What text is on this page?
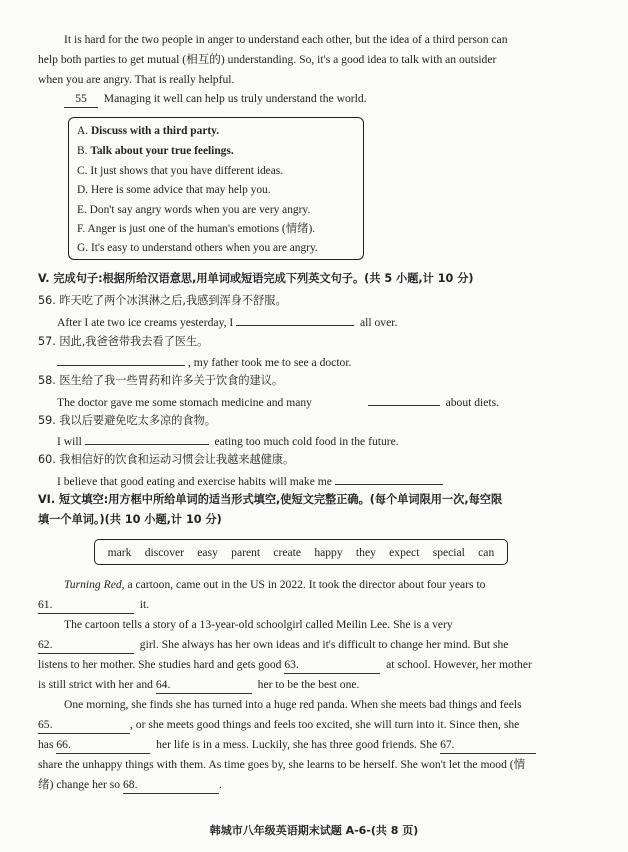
It is hard for the two people in anger to understand each other, but the idea of a third person can
help both parties to get mutual (相互的) understanding. So, it's a good idea to talk with an outsider
when you are angry. That is really helpful.
55 Managing it well can help us truly understand the world.
A. Discuss with a third party.
B. Talk about your true feelings.
C. It just shows that you have different ideas.
D. Here is some advice that may help you.
E. Don't say angry words when you are very angry.
F. Anger is just one of the human's emotions (情绪).
G. It's easy to understand others when you are angry.
V. 完成句子:根据所给汉语意思,用单词或短语完成下列英文句子。(共 5 小题,计 10 分)
56. 昨天吃了两个冰淇淋之后,我感到浑身不舒服。
After I ate two ice creams yesterday, I	all over.
57. 因此,我爸爸带我去看了医生。
, my father took me to see a doctor.
58. 医生给了我一些胃药和许多关于饮食的建议。
The doctor gave me some stomach medicine and many	about diets.
59. 我以后要避免吃太多凉的食物。
I will	eating too much cold food in the future.
60. 我相信好的饮食和运动习惯会让我越来越健康。
I believe that good eating and exercise habits will make me
VI. 短文填空:用方框中所给单词的适当形式填空,使短文完整正确。(每个单词限用一次,每空限
填一个单词。)(共 10 小题,计 10 分)
mark discover easy parent create happy they expect special can
Turning Red, a cartoon, came out in the US in 2022. It took the director about four years to
61.	it.
The cartoon tells a story of a 13-year-old schoolgirl called Meilin Lee. She is a very
62.	girl. She always has her own ideas and it's difficult to change her mind. But she
listens to her mother. She studies hard and gets good 63.	at school. However, her mother
is still strict with her and 64.	her to be the best one.
One morning, she finds she has turned into a huge red panda. When she meets bad things and feels
65.	, or she meets good things and feels too excited, she will turn into it. Since then, she
has 66.	her life is in a mess. Luckily, she has three good friends. She 67.
share the unhappy things with them. As time goes by, she learns to be herself. She won't let the mood (情
绪) change her so 68.	.
韩城市八年级英语期末试题 A-6-(共 8 页)
